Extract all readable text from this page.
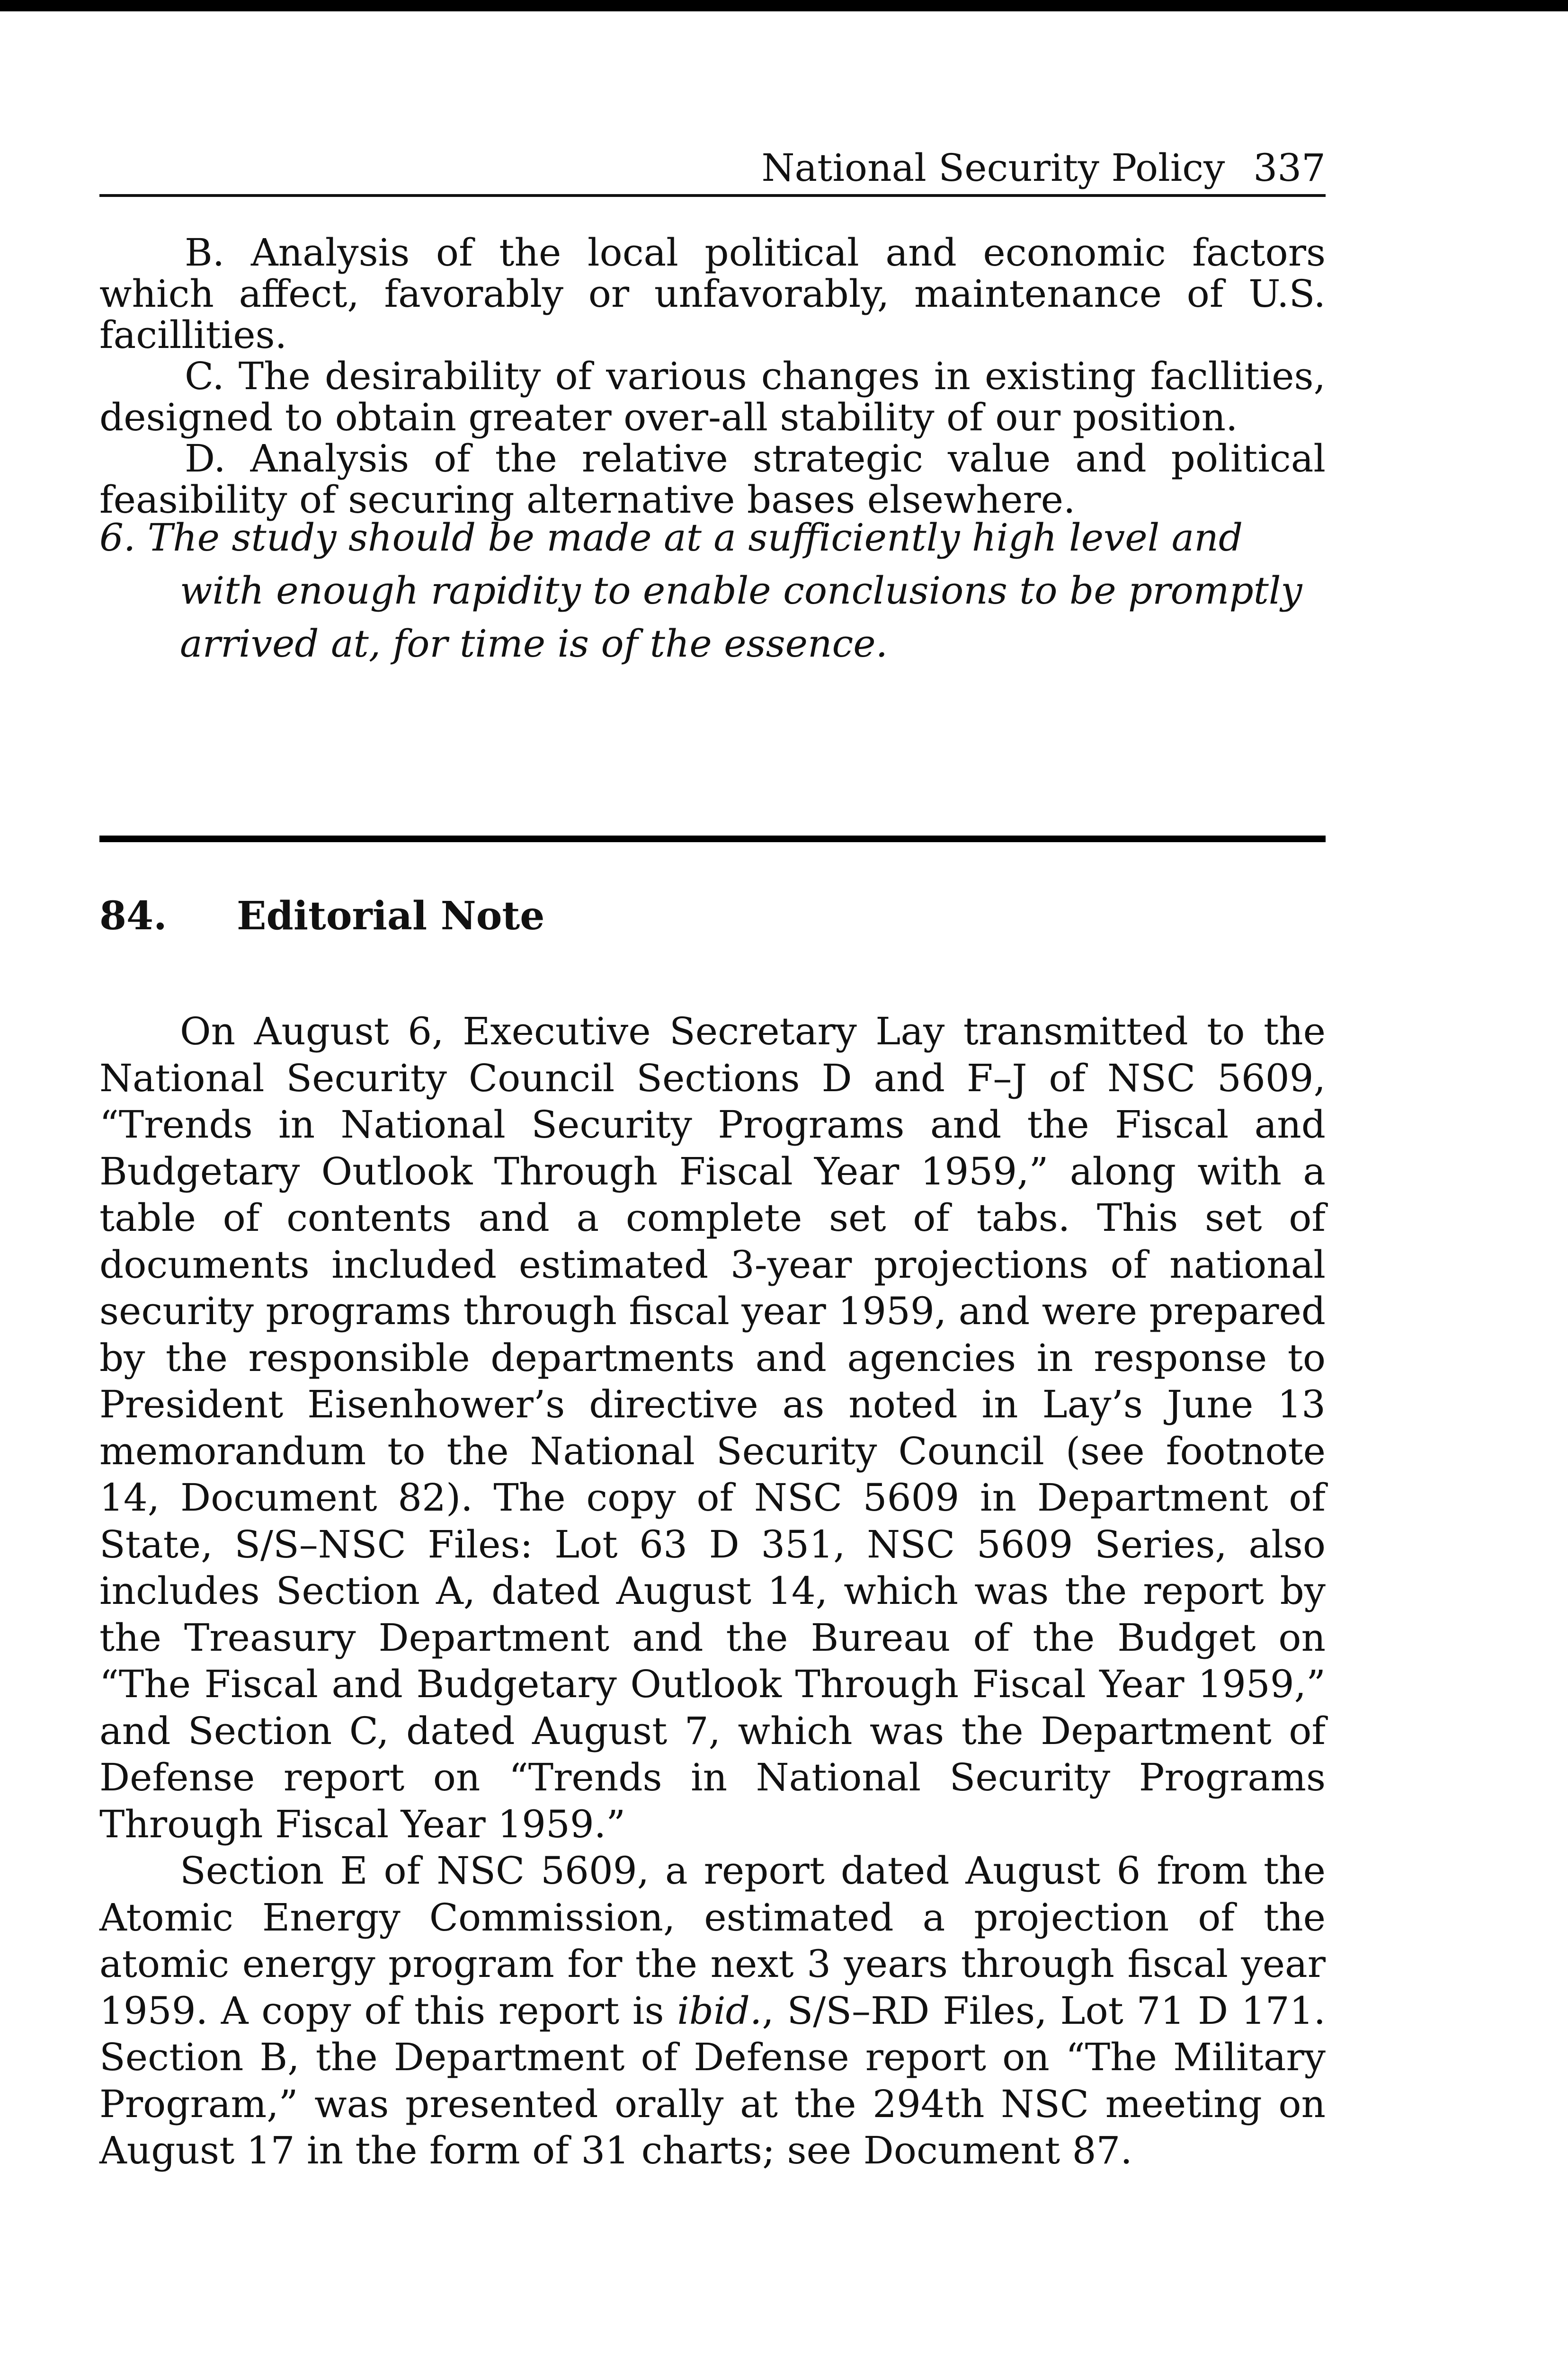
National Security Policy 337

B. Analysis of the local political and economic factors which affect, favorably or unfavorably, maintenance of U.S. facillities.

C. The desirability of various changes in existing facllities, designed to obtain greater over-all stability of our position.

D. Analysis of the relative strategic value and political feasibility of securing alternative bases elsewhere.

6. The study should be made at a sufficiently high level and with enough rapidity to enable conclusions to be promptly arrived at, for time is of the essence.

84. Editorial Note

On August 6, Executive Secretary Lay transmitted to the National Security Council Sections D and F–J of NSC 5609, “Trends in National Security Programs and the Fiscal and Budgetary Outlook Through Fiscal Year 1959,” along with a table of contents and a complete set of tabs. This set of documents included estimated 3-year projections of national security programs through fiscal year 1959, and were prepared by the responsible departments and agencies in response to President Eisenhower’s directive as noted in Lay’s June 13 memorandum to the National Security Council (see footnote 14, Document 82). The copy of NSC 5609 in Department of State, S/S–NSC Files: Lot 63 D 351, NSC 5609 Series, also includes Section A, dated August 14, which was the report by the Treasury Department and the Bureau of the Budget on “The Fiscal and Budgetary Outlook Through Fiscal Year 1959,” and Section C, dated August 7, which was the Department of Defense report on “Trends in National Security Programs Through Fiscal Year 1959.”

Section E of NSC 5609, a report dated August 6 from the Atomic Energy Commission, estimated a projection of the atomic energy program for the next 3 years through fiscal year 1959. A copy of this report is ibid., S/S–RD Files, Lot 71 D 171. Section B, the Department of Defense report on “The Military Program,” was presented orally at the 294th NSC meeting on August 17 in the form of 31 charts; see Document 87.
